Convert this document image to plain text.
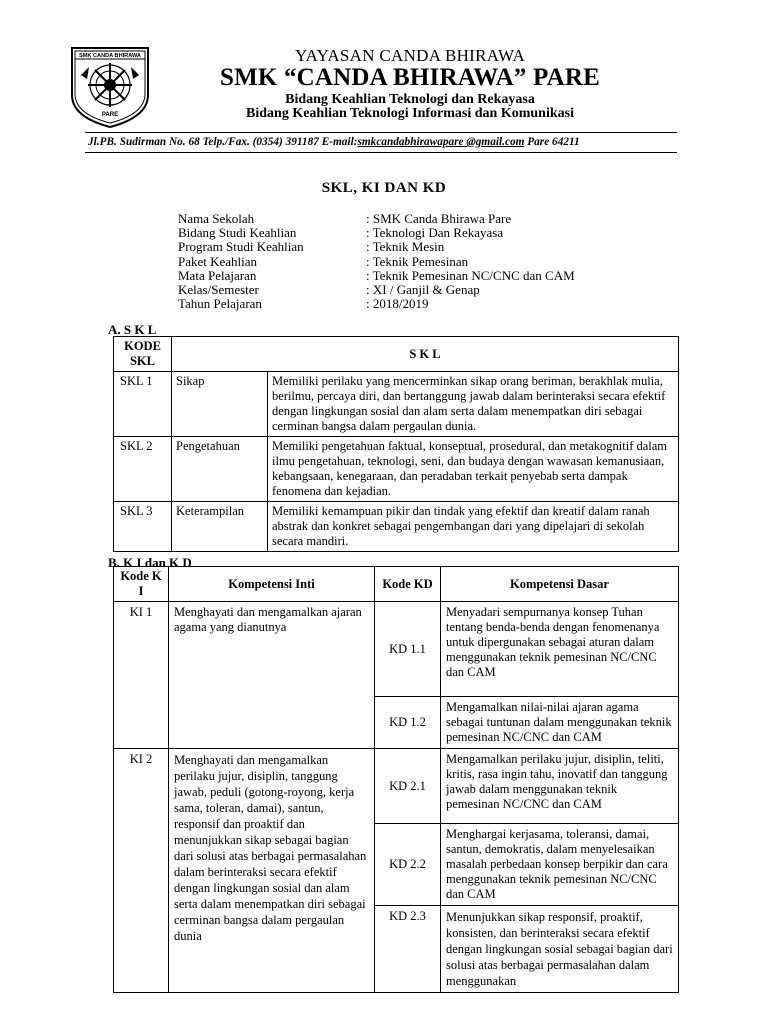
SMK CANDA BHIRAWA
PARE
YAYASAN CANDA BHIRAWA
SMK “CANDA BHIRAWA” PARE
Bidang Keahlian Teknologi dan Rekayasa
Bidang Keahlian Teknologi Informasi dan Komunikasi
Jl.PB. Sudirman No. 68 Telp./Fax. (0354) 391187 E-mail:smkcandabhirawapare @gmail.com Pare 64211
SKL, KI DAN KD
Nama Sekolah	: SMK Canda Bhirawa Pare
Bidang Studi Keahlian	: Teknologi Dan Rekayasa
Program Studi Keahlian	: Teknik Mesin
Paket Keahlian	: Teknik Pemesinan
Mata Pelajaran	: Teknik Pemesinan NC/CNC dan CAM
Kelas/Semester	: XI / Ganjil & Genap
Tahun Pelajaran	: 2018/2019
A. S K L
KODE SKL	S K L	
SKL 1	Sikap	Memiliki perilaku yang mencerminkan sikap orang beriman, berakhlak mulia, berilmu, percaya diri, dan bertanggung jawab dalam berinteraksi secara efektif dengan lingkungan sosial dan alam serta dalam menempatkan diri sebagai cerminan bangsa dalam pergaulan dunia.
SKL 2	Pengetahuan	Memiliki pengetahuan faktual, konseptual, prosedural, dan metakognitif dalam ilmu pengetahuan, teknologi, seni, dan budaya dengan wawasan kemanusiaan, kebangsaan, kenegaraan, dan peradaban terkait penyebab serta dampak fenomena dan kejadian.
SKL 3	Keterampilan	Memiliki kemampuan pikir dan tindak yang efektif dan kreatif dalam ranah abstrak dan konkret sebagai pengembangan dari yang dipelajari di sekolah secara mandiri.
B. K I dan K D
Kode K I	Kompetensi Inti	Kode KD	Kompetensi Dasar
KI 1	Menghayati dan mengamalkan ajaran agama yang dianutnya	KD 1.1	Menyadari sempurnanya konsep Tuhan tentang benda-benda dengan fenomenanya untuk dipergunakan sebagai aturan dalam menggunakan teknik pemesinan NC/CNC dan CAM
		KD 1.2	Mengamalkan nilai-nilai ajaran agama sebagai tuntunan dalam menggunakan teknik pemesinan NC/CNC dan CAM
KI 2	Menghayati dan mengamalkan perilaku jujur, disiplin, tanggung jawab, peduli (gotong-royong, kerja sama, toleran, damai), santun, responsif dan proaktif dan menunjukkan sikap sebagai bagian dari solusi atas berbagai permasalahan dalam berinteraksi secara efektif dengan lingkungan sosial dan alam serta dalam menempatkan diri sebagai cerminan bangsa dalam pergaulan dunia	KD 2.1	Mengamalkan perilaku jujur, disiplin, teliti, kritis, rasa ingin tahu, inovatif dan tanggung jawab dalam menggunakan teknik pemesinan NC/CNC dan CAM
		KD 2.2	Menghargai kerjasama, toleransi, damai, santun, demokratis, dalam menyelesaikan masalah perbedaan konsep berpikir dan cara menggunakan teknik pemesinan NC/CNC dan CAM
		KD 2.3	Menunjukkan sikap responsif, proaktif, konsisten, dan berinteraksi secara efektif dengan lingkungan sosial sebagai bagian dari solusi atas berbagai permasalahan dalam menggunakan
